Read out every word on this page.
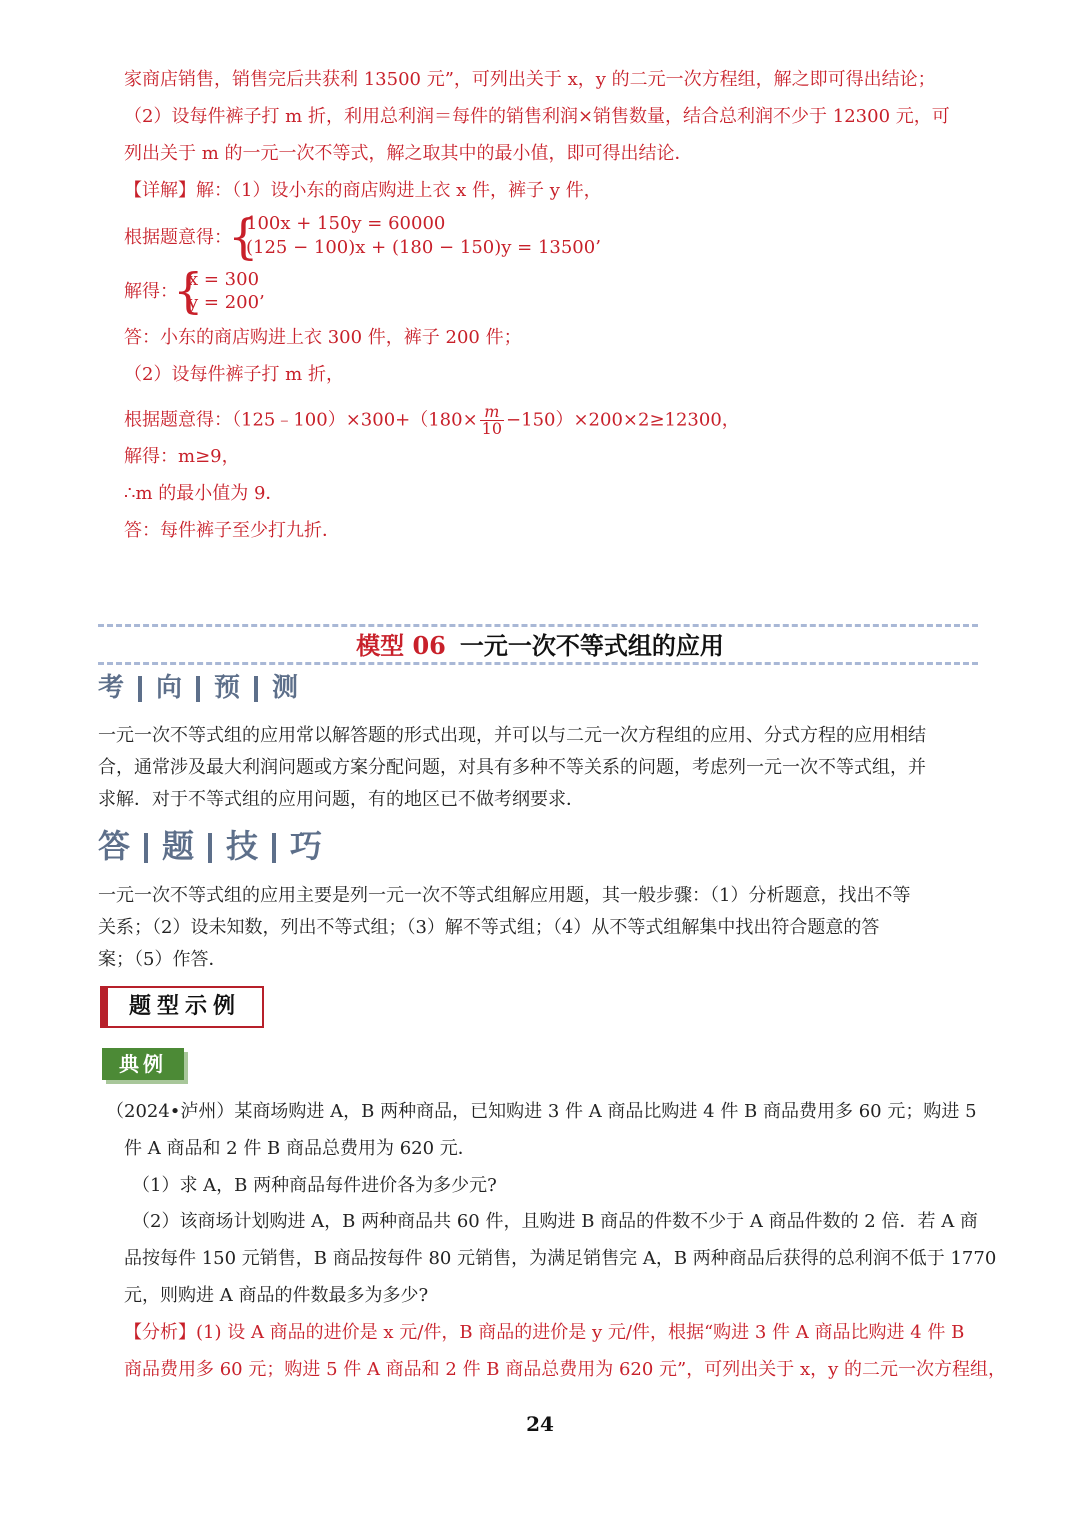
家商店销售，销售完后共获利 13500 元”，可列出关于 x，y 的二元一次方程组，解之即可得出结论；
（2）设每件裤子打 m 折，利用总利润＝每件的销售利润×销售数量，结合总利润不少于 12300 元，可
列出关于 m 的一元一次不等式，解之取其中的最小值，即可得出结论．
【详解】解：（1）设小东的商店购进上衣 x 件，裤子 y 件，
根据题意得：
{
100x + 150y = 60000
(125 − 100)x + (180 − 150)y = 13500’
解得：
{
x = 300
y = 200’
答：小东的商店购进上衣 300 件，裤子 200 件；
（2）设每件裤子打 m 折，
根据题意得：（125﹣100）×300+（180× $\frac{m}{10} -150)\times 200\times 2\ge 12300$，
解得：m≥9，
∴m 的最小值为 9．
答：每件裤子至少打九折．
模型 06 一元一次不等式组的应用
考 向 预 测
一元一次不等式组的应用常以解答题的形式出现，并可以与二元一次方程组的应用、分式方程的应用相结
合，通常涉及最大利润问题或方案分配问题，对具有多种不等关系的问题，考虑列一元一次不等式组，并
求解．对于不等式组的应用问题，有的地区已不做考纲要求．
答 题 技 巧
一元一次不等式组的应用主要是列一元一次不等式组解应用题，其一般步骤：（1）分析题意，找出不等
关系；（2）设未知数，列出不等式组；（3）解不等式组；（4）从不等式组解集中找出符合题意的答
案；（5）作答．
题型示例
典例
（2024•泸州）某商场购进 A，B 两种商品，已知购进 3 件 A 商品比购进 4 件 B 商品费用多 60 元；购进 5
件 A 商品和 2 件 B 商品总费用为 620 元．
（1）求 A，B 两种商品每件进价各为多少元?
（2）该商场计划购进 A，B 两种商品共 60 件，且购进 B 商品的件数不少于 A 商品件数的 2 倍．若 A 商
品按每件 150 元销售，B 商品按每件 80 元销售，为满足销售完 A，B 两种商品后获得的总利润不低于 1770
元，则购进 A 商品的件数最多为多少?
【分析】(1) 设 A 商品的进价是 x 元/件，B 商品的进价是 y 元/件，根据“购进 3 件 A 商品比购进 4 件 B
商品费用多 60 元；购进 5 件 A 商品和 2 件 B 商品总费用为 620 元”，可列出关于 x，y 的二元一次方程组，
24
